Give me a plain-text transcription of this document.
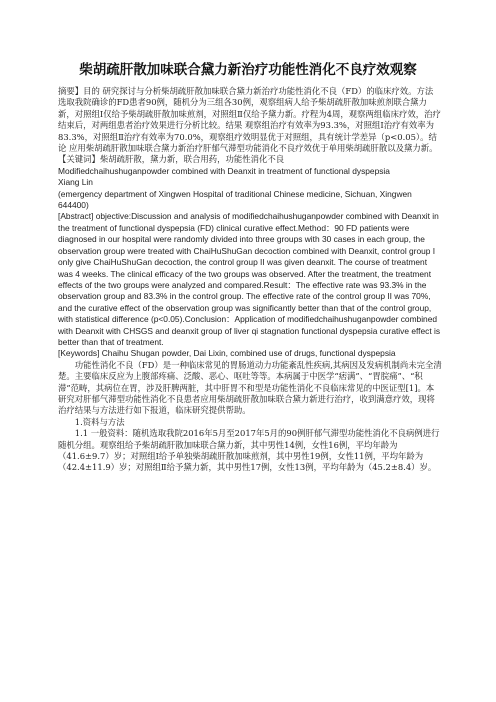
柴胡疏肝散加味联合黛力新治疗功能性消化不良疗效观察

摘要】目的 研究探讨与分析柴胡疏肝散加味联合黛力新治疗功能性消化不良（FD）的临床疗效。方法 选取我院确诊的FD患者90例，随机分为三组各30例，观察组病人给予柴胡疏肝散加味煎剂联合黛力新，对照组Ⅰ仅给予柴胡疏肝散加味煎剂，对照组Ⅱ仅给予黛力新。疗程为4周，观察两组临床疗效，治疗结束后，对两组患者治疗效果进行分析比较。结果 观察组治疗有效率为93.3%，对照组Ⅰ治疗有效率为83.3%，对照组Ⅱ治疗有效率为70.0%，观察组疗效明显优于对照组，具有统计学差异（p<0.05）。结论 应用柴胡疏肝散加味联合黛力新治疗肝郁气滞型功能消化不良疗效优于单用柴胡疏肝散以及黛力新。

【关键词】柴胡疏肝散，黛力新，联合用药，功能性消化不良

Modifiedchaihushuganpowder combined with Deanxit in treatment of functional dyspepsia

Xiang Lin

(emergency department of Xingwen Hospital of traditional Chinese medicine, Sichuan, Xingwen 644400)

[Abstract] objective:Discussion and analysis of modifiedchaihushuganpowder combined with Deanxit in the treatment of functional dyspepsia (FD) clinical curative effect.Method：90 FD patients were diagnosed in our hospital were randomly divided into three groups with 30 cases in each group, the observation group were treated with ChaiHuShuGan decoction combined with Deanxit, control group I only give ChaiHuShuGan decoction, the control group II was given deanxit. The course of treatment was 4 weeks. The clinical efficacy of the two groups was observed. After the treatment, the treatment effects of the two groups were analyzed and compared.Result：The effective rate was 93.3% in the observation group and 83.3% in the control group. The effective rate of the control group II was 70%, and the curative effect of the observation group was significantly better than that of the control group, with statistical difference (p<0.05).Conclusion：Application of modifiedchaihushuganpowder combined with Deanxit with CHSGS and deanxit group of liver qi stagnation functional dyspepsia curative effect is better than that of treatment.

[Keywords] Chaihu Shugan powder, Dai Lixin, combined use of drugs, functional dyspepsia

功能性消化不良（FD）是一种临床常见的胃肠道动力功能紊乱性疾病,其病因及发病机制尚未完全清楚。主要临床反应为上腹部疼痛、泛酸、恶心、呕吐等等。本病属于中医学“痞满”、“胃脘痛”、“积滞”范畴，其病位在胃，涉及肝脾两脏，其中肝胃不和型是功能性消化不良临床常见的中医证型[1]。本研究对肝郁气滞型功能性消化不良患者应用柴胡疏肝散加味联合黛力新进行治疗，收到满意疗效，现将治疗结果与方法进行如下报道，临床研究提供帮助。

1.资料与方法

1.1 一般资料：随机选取我院2016年5月至2017年5月的90例肝郁气滞型功能性消化不良病例进行随机分组。观察组给予柴胡疏肝散加味联合黛力新，其中男性14例，女性16例，平均年龄为（41.6±9.7）岁；对照组Ⅰ给予单独柴胡疏肝散加味煎剂，其中男性19例，女性11例，平均年龄为（42.4±11.9）岁；对照组Ⅱ给予黛力新，其中男性17例，女性13例，平均年龄为（45.2±8.4）岁。
